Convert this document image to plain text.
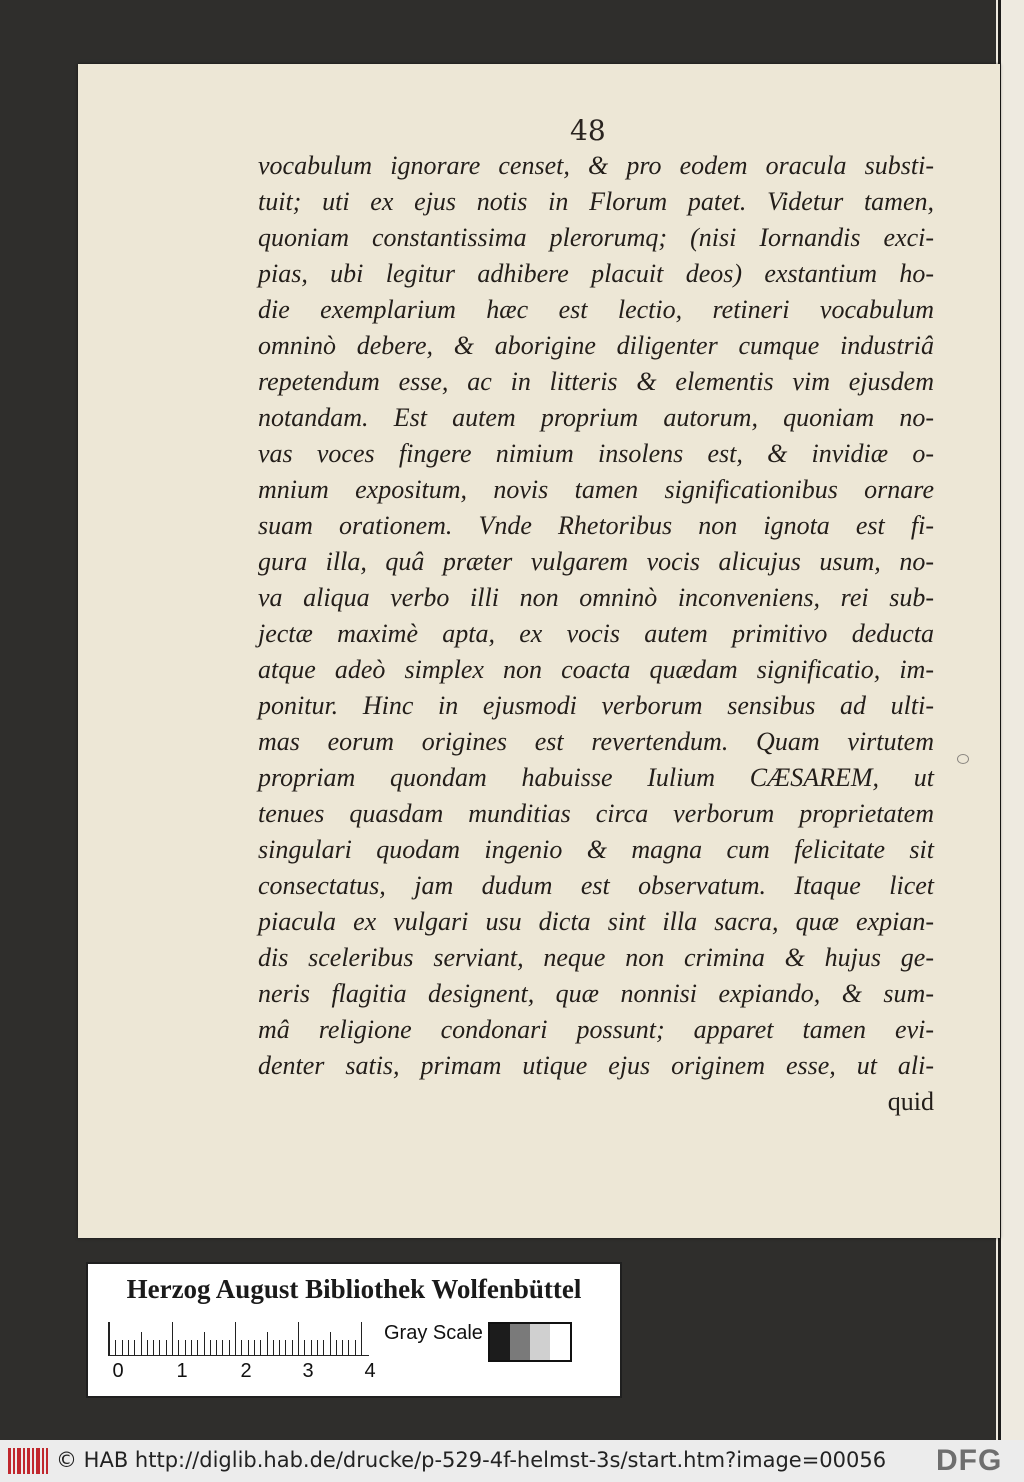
48
vocabulum ignorare censet, & pro eodem oracula substi-
tuit; uti ex ejus notis in Florum patet. Videtur tamen,
quoniam constantissima plerorumq; (nisi Iornandis exci-
pias, ubi legitur adhibere placuit deos) exstantium ho-
die exemplarium hæc est lectio, retineri vocabulum
omninò debere, & aborigine diligenter cumque industriâ
repetendum esse, ac in litteris & elementis vim ejusdem
notandam. Est autem proprium autorum, quoniam no-
vas voces fingere nimium insolens est, & invidiæ o-
mnium expositum, novis tamen significationibus ornare
suam orationem. Vnde Rhetoribus non ignota est fi-
gura illa, quâ præter vulgarem vocis alicujus usum, no-
va aliqua verbo illi non omninò inconveniens, rei sub-
jectæ maximè apta, ex vocis autem primitivo deducta
atque adeò simplex non coacta quædam significatio, im-
ponitur. Hinc in ejusmodi verborum sensibus ad ulti-
mas eorum origines est revertendum. Quam virtutem
propriam quondam habuisse Iulium CÆSAREM, ut
tenues quasdam munditias circa verborum proprietatem
singulari quodam ingenio & magna cum felicitate sit
consectatus, jam dudum est observatum. Itaque licet
piacula ex vulgari usu dicta sint illa sacra, quæ expian-
dis sceleribus serviant, neque non crimina & hujus ge-
neris flagitia designent, quæ nonnisi expiando, & sum-
mâ religione condonari possunt; apparet tamen evi-
denter satis, primam utique ejus originem esse, ut ali-
quid
Herzog August Bibliothek Wolfenbüttel
0	1	2	3	4
Gray Scale
© HAB http://diglib.hab.de/drucke/p-529-4f-helmst-3s/start.htm?image=00056 DFG
